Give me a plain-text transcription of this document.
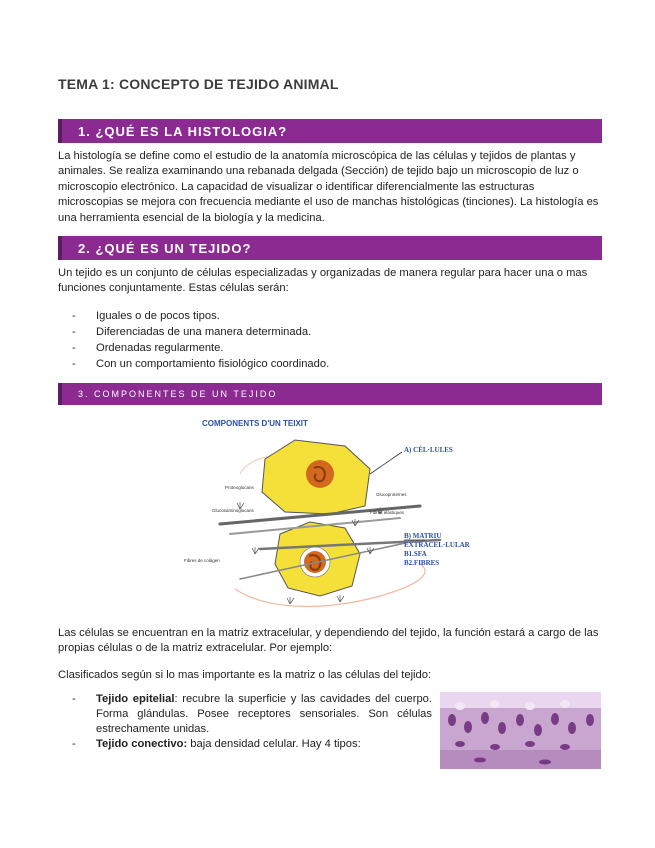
TEMA 1: CONCEPTO DE TEJIDO ANIMAL
1. ¿QUÉ ES LA HISTOLOGIA?

La histología se define como el estudio de la anatomía microscópica de las células y tejidos de plantas y animales. Se realiza examinando una rebanada delgada (Sección) de tejido bajo un microscopio de luz o microscopio electrónico. La capacidad de visualizar o identificar diferencialmente las estructuras microscopias se mejora con frecuencia mediante el uso de manchas histológicas (tinciones). La histología es una herramienta esencial de la biología y la medicina.

2. ¿QUÉ ES UN TEJIDO?

Un tejido es un conjunto de células especializadas y organizadas de manera regular para hacer una o mas funciones conjuntamente. Estas células serán:

- Iguales o de pocos tipos.
- Diferenciadas de una manera determinada.
- Ordenadas regularmente.
- Con un comportamiento fisiológico coordinado.
3. COMPONENTES DE UN TEJIDO
COMPONENTS D'UN TEIXIT
A) CÈL·LULES
B) MATRIU
EXTRACEL·LULAR
B1.SFA
B2.FIBRES
Proteoglucans
Glucoproteïnes
Glucosaminoglucans	Fibres elàstiques
Fibres de colàgen

Las células se encuentran en la matriz extracelular, y dependiendo del tejido, la función estará a cargo de las propias células o de la matriz extracelular. Por ejemplo:

Clasificados según si lo mas importante es la matriz o las células del tejido:

- Tejido epitelial: recubre la superficie y las cavidades del cuerpo. Forma glándulas. Posee receptores sensoriales. Son células estrechamente unidas.
- Tejido conectivo: baja densidad celular. Hay 4 tipos:
